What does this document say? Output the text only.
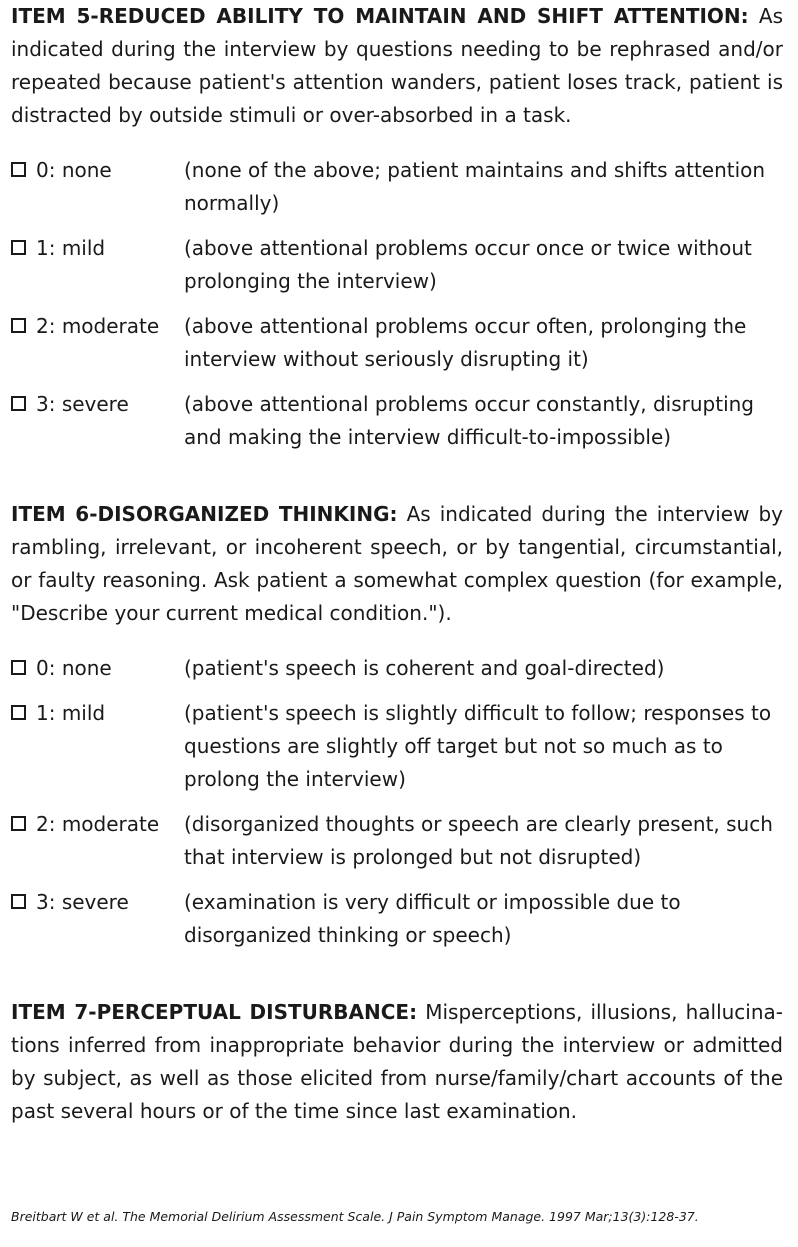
ITEM 5-REDUCED ABILITY TO MAINTAIN AND SHIFT ATTENTION: As indicated during the interview by questions needing to be rephrased and/or repeated because patient's attention wanders, patient loses track, patient is distracted by outside stimuli or over-absorbed in a task.

0: none	(none of the above; patient maintains and shifts attention normally)
1: mild	(above attentional problems occur once or twice without prolonging the interview)
2: moderate (above attentional problems occur often, prolonging the interview without seriously disrupting it)
3: severe	(above attentional problems occur constantly, disrupting and making the interview difficult-to-impossible)

ITEM 6-DISORGANIZED THINKING: As indicated during the interview by rambling, irrelevant, or incoherent speech, or by tangential, circumstantial, or faulty reasoning. Ask patient a somewhat complex question (for example, "Describe your current medical condition.").

0: none	(patient's speech is coherent and goal-directed)
1: mild	(patient's speech is slightly difficult to follow; responses to questions are slightly off target but not so much as to prolong the interview)
2: moderate (disorganized thoughts or speech are clearly present, such that interview is prolonged but not disrupted)
3: severe	(examination is very difficult or impossible due to disorganized thinking or speech)

ITEM 7-PERCEPTUAL DISTURBANCE: Misperceptions, illusions, hallucina-tions inferred from inappropriate behavior during the interview or admitted by subject, as well as those elicited from nurse/family/chart accounts of the past several hours or of the time since last examination.

Breitbart W et al. The Memorial Delirium Assessment Scale. J Pain Symptom Manage. 1997 Mar;13(3):128-37.
